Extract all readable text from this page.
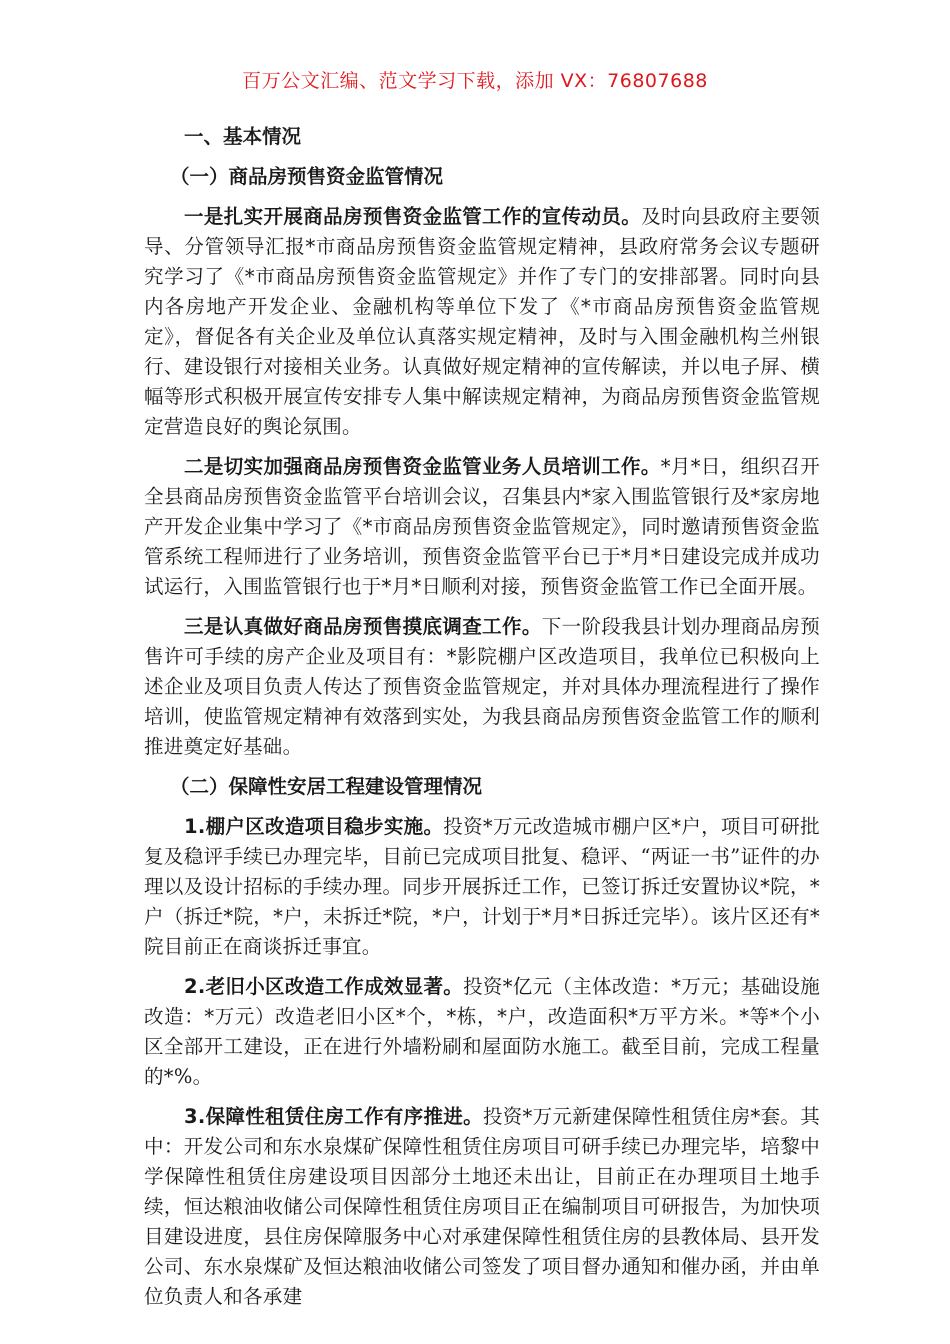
百万公文汇编、范文学习下载，添加 VX：76807688
一、基本情况
（一）商品房预售资金监管情况

一是扎实开展商品房预售资金监管工作的宣传动员。及时向县政府主要领导、分管领导汇报*市商品房预售资金监管规定精神，县政府常务会议专题研究学习了《*市商品房预售资金监管规定》并作了专门的安排部署。同时向县内各房地产开发企业、金融机构等单位下发了《*市商品房预售资金监管规定》，督促各有关企业及单位认真落实规定精神，及时与入围金融机构兰州银行、建设银行对接相关业务。认真做好规定精神的宣传解读，并以电子屏、横幅等形式积极开展宣传安排专人集中解读规定精神，为商品房预售资金监管规定营造良好的舆论氛围。

二是切实加强商品房预售资金监管业务人员培训工作。*月*日，组织召开全县商品房预售资金监管平台培训会议，召集县内*家入围监管银行及*家房地产开发企业集中学习了《*市商品房预售资金监管规定》，同时邀请预售资金监管系统工程师进行了业务培训，预售资金监管平台已于*月*日建设完成并成功试运行，入围监管银行也于*月*日顺利对接，预售资金监管工作已全面开展。

三是认真做好商品房预售摸底调查工作。下一阶段我县计划办理商品房预售许可手续的房产企业及项目有：*影院棚户区改造项目，我单位已积极向上述企业及项目负责人传达了预售资金监管规定，并对具体办理流程进行了操作培训，使监管规定精神有效落到实处，为我县商品房预售资金监管工作的顺利推进奠定好基础。

（二）保障性安居工程建设管理情况

1.棚户区改造项目稳步实施。投资*万元改造城市棚户区*户，项目可研批复及稳评手续已办理完毕，目前已完成项目批复、稳评、“两证一书”证件的办理以及设计招标的手续办理。同步开展拆迁工作，已签订拆迁安置协议*院，*户（拆迁*院，*户，未拆迁*院，*户，计划于*月*日拆迁完毕）。该片区还有*院目前正在商谈拆迁事宜。

2.老旧小区改造工作成效显著。投资*亿元（主体改造：*万元；基础设施改造：*万元）改造老旧小区*个，*栋，*户，改造面积*万平方米。*等*个小区全部开工建设，正在进行外墙粉刷和屋面防水施工。截至目前，完成工程量的*%。

3.保障性租赁住房工作有序推进。投资*万元新建保障性租赁住房*套。其中：开发公司和东水泉煤矿保障性租赁住房项目可研手续已办理完毕，培黎中学保障性租赁住房建设项目因部分土地还未出让，目前正在办理项目土地手续，恒达粮油收储公司保障性租赁住房项目正在编制项目可研报告，为加快项目建设进度，县住房保障服务中心对承建保障性租赁住房的县教体局、县开发公司、东水泉煤矿及恒达粮油收储公司签发了项目督办通知和催办函，并由单位负责人和各承建
